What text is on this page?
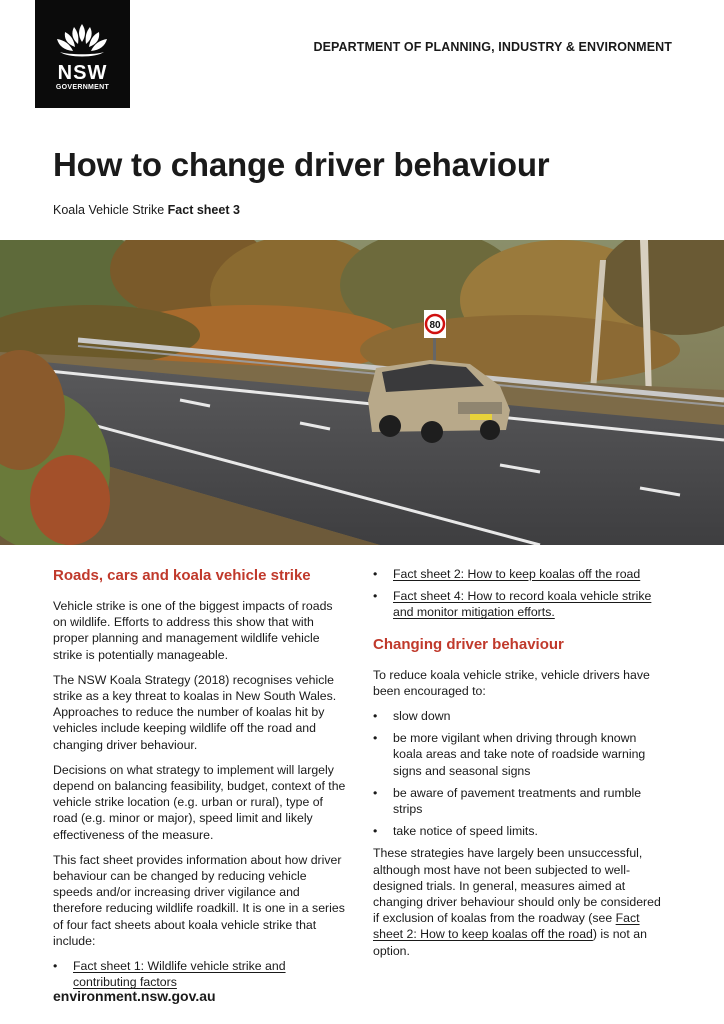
NSW
GOVERNMENT
DEPARTMENT OF PLANNING, INDUSTRY & ENVIRONMENT
How to change driver behaviour
Koala Vehicle Strike Fact sheet 3
80
Roads, cars and koala vehicle strike

Vehicle strike is one of the biggest impacts of roads on wildlife. Efforts to address this show that with proper planning and management wildlife vehicle strike is potentially manageable.

The NSW Koala Strategy (2018) recognises vehicle strike as a key threat to koalas in New South Wales. Approaches to reduce the number of koalas hit by vehicles include keeping wildlife off the road and changing driver behaviour.

Decisions on what strategy to implement will largely depend on balancing feasibility, budget, context of the vehicle strike location (e.g. urban or rural), type of road (e.g. minor or major), speed limit and likely effectiveness of the measure.

This fact sheet provides information about how driver behaviour can be changed by reducing vehicle speeds and/or increasing driver vigilance and therefore reducing wildlife roadkill. It is one in a series of four fact sheets about koala vehicle strike that include:

• Fact sheet 1: Wildlife vehicle strike and contributing factors
• Fact sheet 2: How to keep koalas off the road
• Fact sheet 4: How to record koala vehicle strike and monitor mitigation efforts.
Changing driver behaviour

To reduce koala vehicle strike, vehicle drivers have been encouraged to:

• slow down
• be more vigilant when driving through known koala areas and take note of roadside warning signs and seasonal signs
• be aware of pavement treatments and rumble strips
• take notice of speed limits.

These strategies have largely been unsuccessful, although most have not been subjected to well-designed trials. In general, measures aimed at changing driver behaviour should only be considered if exclusion of koalas from the roadway (see Fact sheet 2: How to keep koalas off the road) is not an option.

environment.nsw.gov.au
